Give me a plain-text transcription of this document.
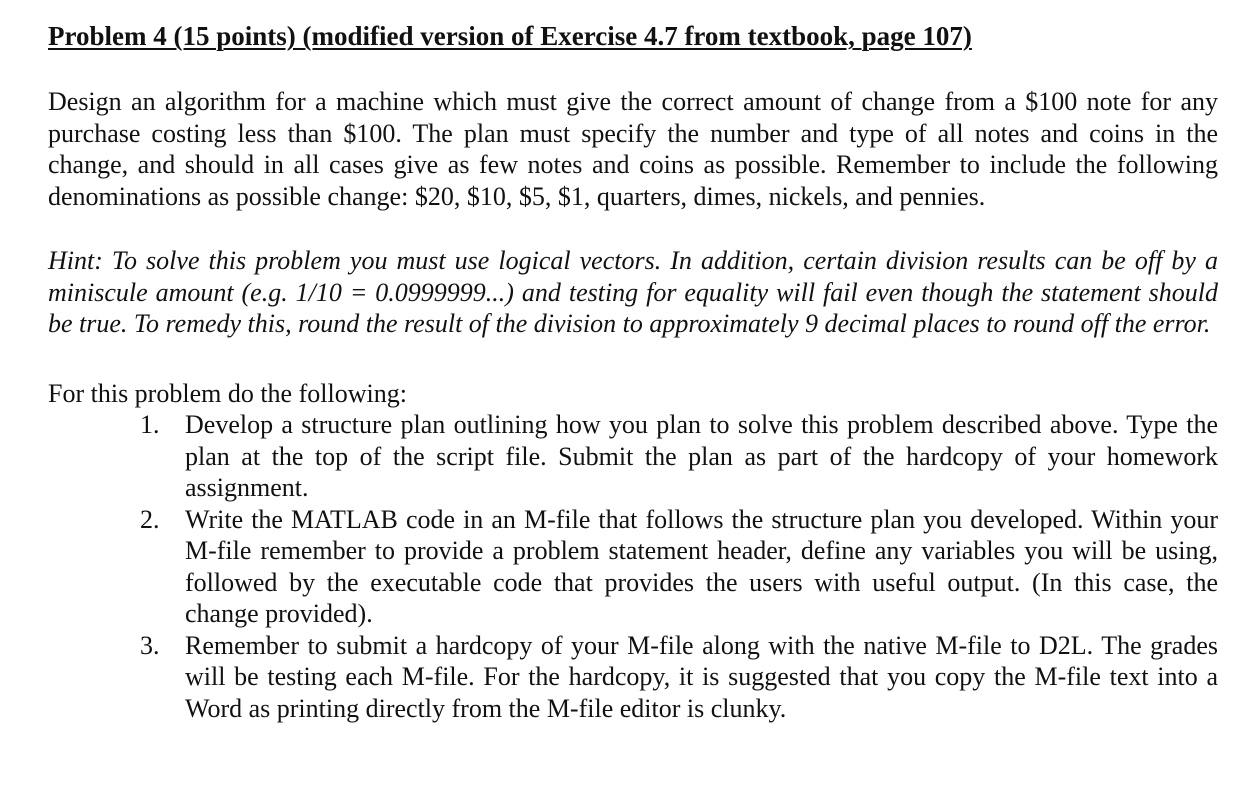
Problem 4 (15 points) (modified version of Exercise 4.7 from textbook, page 107)

Design an algorithm for a machine which must give the correct amount of change from a $100 note for any purchase costing less than $100. The plan must specify the number and type of all notes and coins in the change, and should in all cases give as few notes and coins as possible. Remember to include the following denominations as possible change: $20, $10, $5, $1, quarters, dimes, nickels, and pennies.

Hint: To solve this problem you must use logical vectors. In addition, certain division results can be off by a miniscule amount (e.g. 1/10 = 0.0999999...) and testing for equality will fail even though the statement should be true. To remedy this, round the result of the division to approximately 9 decimal places to round off the error.

For this problem do the following:

1. Develop a structure plan outlining how you plan to solve this problem described above. Type the plan at the top of the script file. Submit the plan as part of the hardcopy of your homework assignment.
2. Write the MATLAB code in an M-file that follows the structure plan you developed. Within your M-file remember to provide a problem statement header, define any variables you will be using, followed by the executable code that provides the users with useful output. (In this case, the change provided).
3. Remember to submit a hardcopy of your M-file along with the native M-file to D2L. The grades will be testing each M-file. For the hardcopy, it is suggested that you copy the M-file text into a Word as printing directly from the M-file editor is clunky.
